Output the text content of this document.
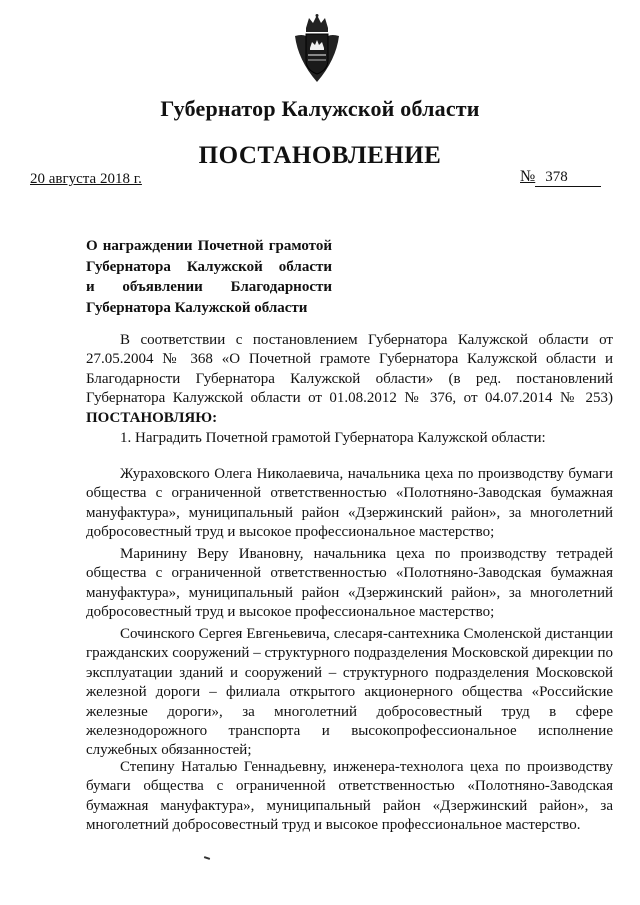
Губернатор Калужской области
ПОСТАНОВЛЕНИЕ
20 августа 2018 г.	№ 378
О награждении Почетной грамотой
Губернатора Калужской области
и объявлении Благодарности
Губернатора Калужской области
В соответствии с постановлением Губернатора Калужской области от 27.05.2004 № 368 «О Почетной грамоте Губернатора Калужской области и Благодарности Губернатора Калужской области» (в ред. постановлений Губернатора Калужской области от 01.08.2012 № 376, от 04.07.2014 № 253) ПОСТАНОВЛЯЮ:
1. Наградить Почетной грамотой Губернатора Калужской области:
Жураховского Олега Николаевича, начальника цеха по производству бумаги общества с ограниченной ответственностью «Полотняно-Заводская бумажная мануфактура», муниципальный район «Дзержинский район», за многолетний добросовестный труд и высокое профессиональное мастерство;
Маринину Веру Ивановну, начальника цеха по производству тетрадей общества с ограниченной ответственностью «Полотняно-Заводская бумажная мануфактура», муниципальный район «Дзержинский район», за многолетний добросовестный труд и высокое профессиональное мастерство;
Сочинского Сергея Евгеньевича, слесаря-сантехника Смоленской дистанции гражданских сооружений – структурного подразделения Московской дирекции по эксплуатации зданий и сооружений – структурного подразделения Московской железной дороги – филиала открытого акционерного общества «Российские железные дороги», за многолетний добросовестный труд в сфере железнодорожного транспорта и высокопрофессиональное исполнение служебных обязанностей;
Степину Наталью Геннадьевну, инженера-технолога цеха по производству бумаги общества с ограниченной ответственностью «Полотняно-Заводская бумажная мануфактура», муниципальный район «Дзержинский район», за многолетний добросовестный труд и высокое профессиональное мастерство.
